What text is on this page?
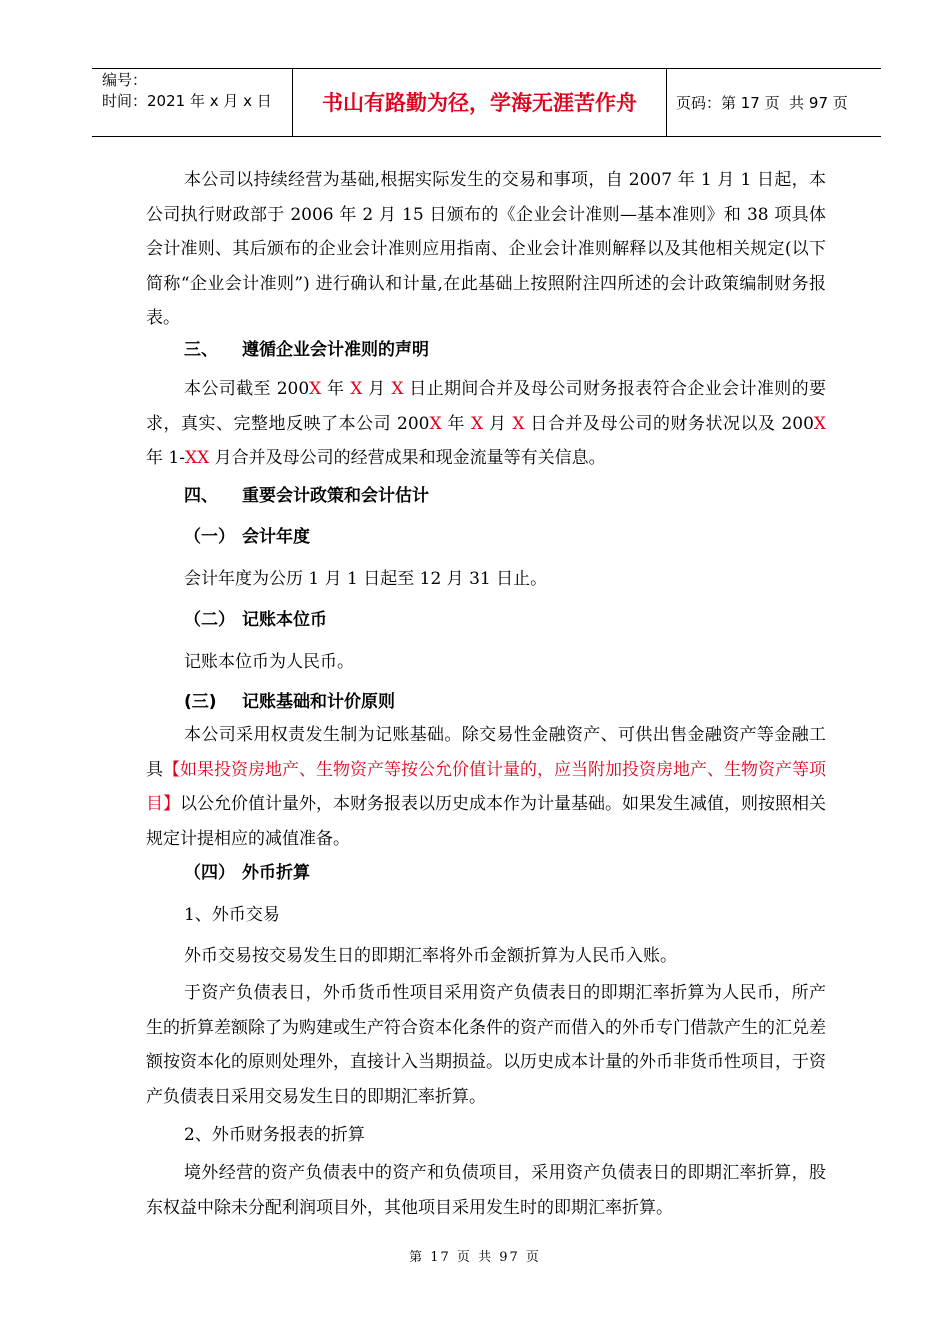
编号：
时间：2021 年 x 月 x 日	书山有路勤为径，学海无涯苦作舟	页码：第 17 页  共 97 页
本公司以持续经营为基础,根据实际发生的交易和事项，自 2007 年 1 月 1 日起，本公司执行财政部于 2006 年 2 月 15 日颁布的《企业会计准则—基本准则》和 38 项具体会计准则、其后颁布的企业会计准则应用指南、企业会计准则解释以及其他相关规定(以下简称“企业会计准则”) 进行确认和计量,在此基础上按照附注四所述的会计政策编制财务报表。
三、 遵循企业会计准则的声明
本公司截至 200X 年 X 月 X 日止期间合并及母公司财务报表符合企业会计准则的要求，真实、完整地反映了本公司 200X 年 X 月 X 日合并及母公司的财务状况以及 200X 年 1-XX 月合并及母公司的经营成果和现金流量等有关信息。
四、 重要会计政策和会计估计
（一） 会计年度
会计年度为公历 1 月 1 日起至 12 月 31 日止。
（二） 记账本位币
记账本位币为人民币。
(三) 记账基础和计价原则
本公司采用权责发生制为记账基础。除交易性金融资产、可供出售金融资产等金融工具【如果投资房地产、生物资产等按公允价值计量的，应当附加投资房地产、生物资产等项目】以公允价值计量外，本财务报表以历史成本作为计量基础。如果发生减值，则按照相关规定计提相应的减值准备。
（四） 外币折算
1、外币交易
外币交易按交易发生日的即期汇率将外币金额折算为人民币入账。
于资产负债表日，外币货币性项目采用资产负债表日的即期汇率折算为人民币，所产生的折算差额除了为购建或生产符合资本化条件的资产而借入的外币专门借款产生的汇兑差额按资本化的原则处理外，直接计入当期损益。以历史成本计量的外币非货币性项目，于资产负债表日采用交易发生日的即期汇率折算。
2、外币财务报表的折算
境外经营的资产负债表中的资产和负债项目，采用资产负债表日的即期汇率折算，股东权益中除未分配利润项目外，其他项目采用发生时的即期汇率折算。
第 17 页 共 97 页
